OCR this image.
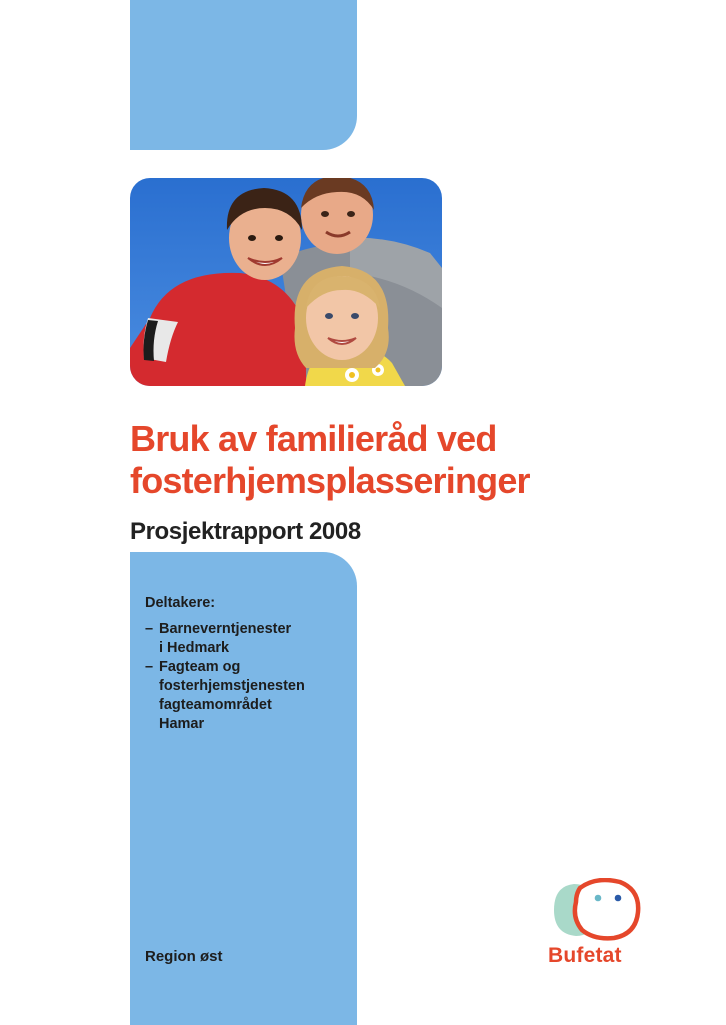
Bruk av familieråd ved
fosterhjemsplasseringer
Prosjektrapport 2008
Deltakere:
– Barneverntjenester
i Hedmark
– Fagteam og
fosterhjemstjenesten
fagteamområdet
Hamar
Region øst	Bufetat
